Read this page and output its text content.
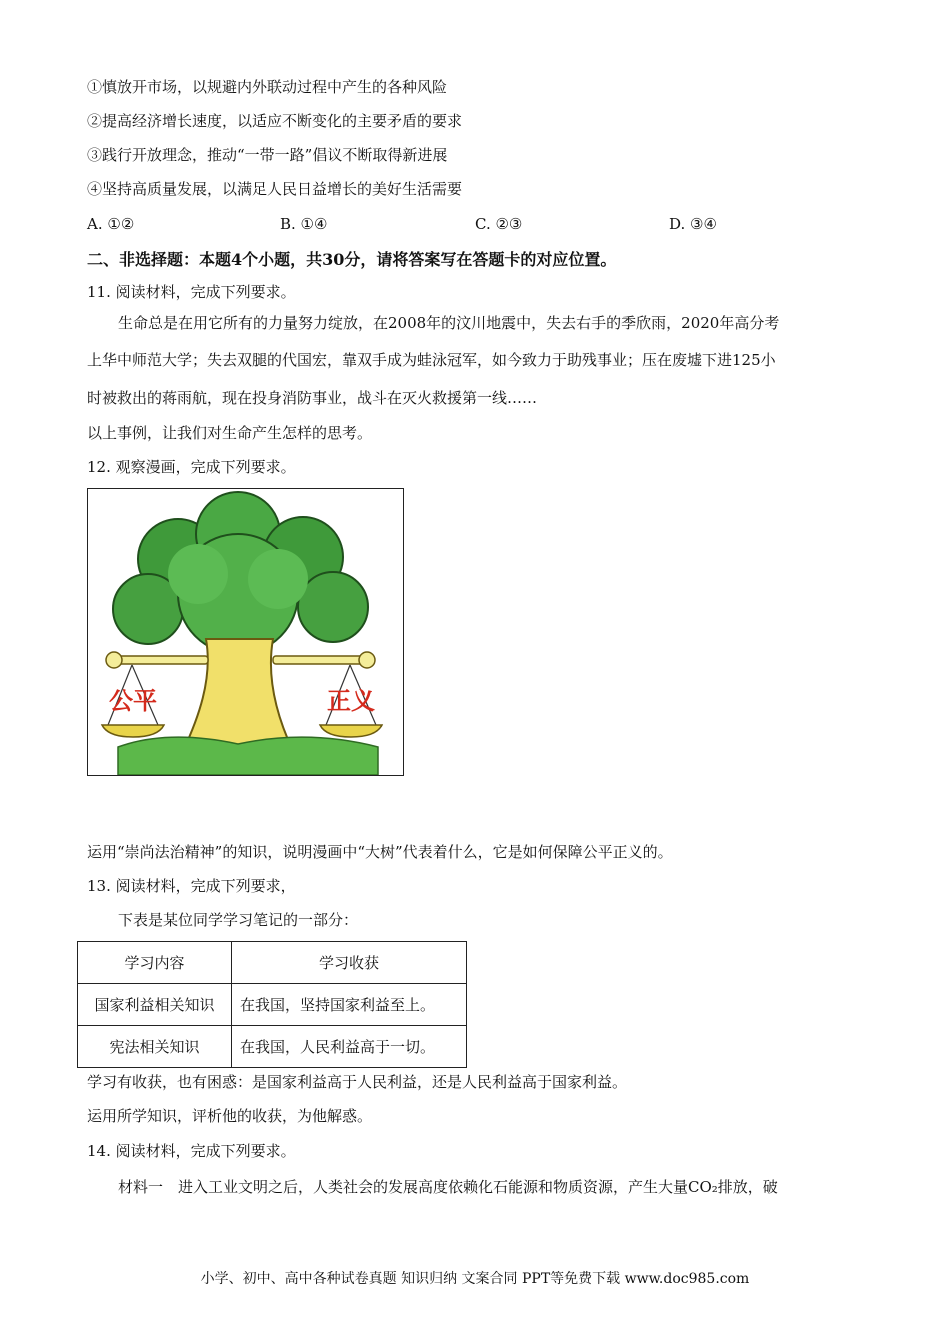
①慎放开市场，以规避内外联动过程中产生的各种风险
②提高经济增长速度，以适应不断变化的主要矛盾的要求
③践行开放理念，推动“一带一路”倡议不断取得新进展
④坚持高质量发展，以满足人民日益增长的美好生活需要
A. ①②	B. ①④	C. ②③	D. ③④
二、非选择题：本题4个小题，共30分，请将答案写在答题卡的对应位置。
11. 阅读材料，完成下列要求。
生命总是在用它所有的力量努力绽放，在2008年的汶川地震中，失去右手的季欣雨，2020年高分考
上华中师范大学；失去双腿的代国宏，靠双手成为蛙泳冠军，如今致力于助残事业；压在废墟下进125小
时被救出的蒋雨航，现在投身消防事业，战斗在灭火救援第一线……
以上事例，让我们对生命产生怎样的思考。
12. 观察漫画，完成下列要求。
公平	正义
运用“崇尚法治精神”的知识，说明漫画中“大树”代表着什么，它是如何保障公平正义的。
13. 阅读材料，完成下列要求，
下表是某位同学学习笔记的一部分：
学习内容	学习收获
国家利益相关知识	在我国，坚持国家利益至上。
宪法相关知识	在我国，人民利益高于一切。
学习有收获，也有困惑：是国家利益高于人民利益，还是人民利益高于国家利益。
运用所学知识，评析他的收获，为他解惑。
14. 阅读材料，完成下列要求。
材料一　进入工业文明之后，人类社会的发展高度依赖化石能源和物质资源，产生大量CO₂排放，破
小学、初中、高中各种试卷真题 知识归纳 文案合同 PPT等免费下载 www.doc985.com
